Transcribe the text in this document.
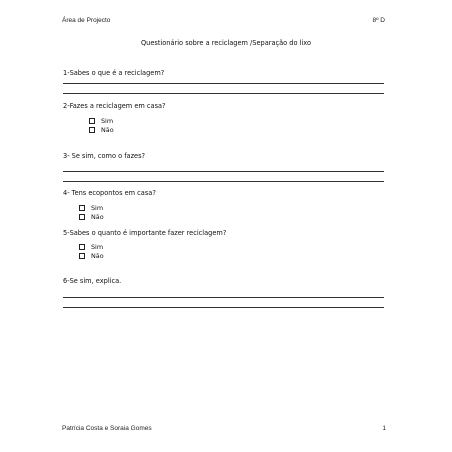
Área de Projecto	8º D
Questionário sobre a reciclagem /Separação do lixo
1-Sabes o que é a reciclagem?
2-Fazes a reciclagem em casa?
Sim
Não
3- Se sim, como o fazes?
4- Tens ecopontos em casa?
Sim
Não
5-Sabes o quanto é importante fazer reciclagem?
Sim
Não
6-Se sim, explica.
Patrícia Costa e Soraia Gomes	1
